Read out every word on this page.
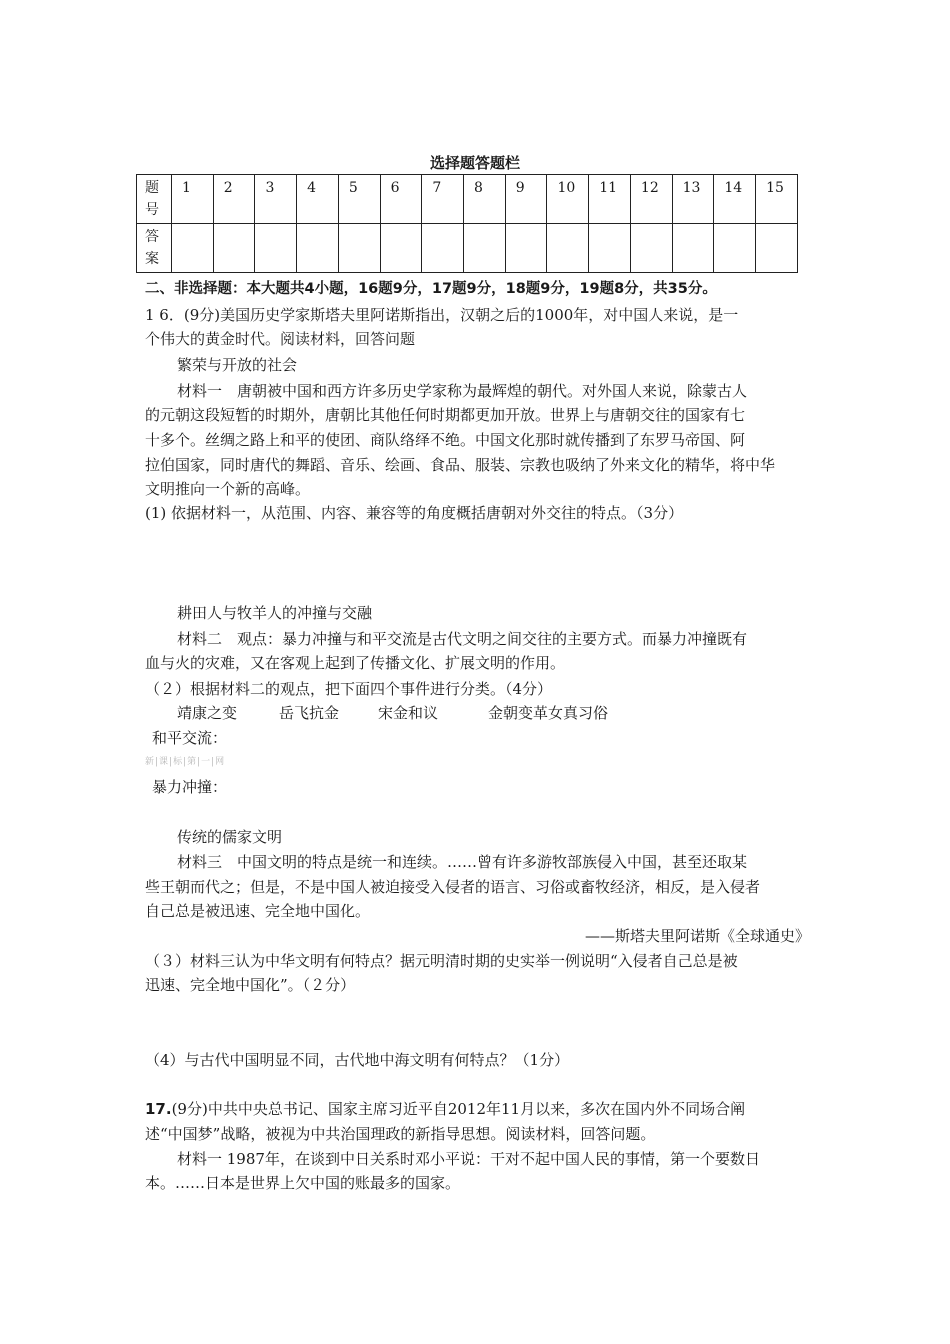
选择题答题栏
题号	1	2	3	4	5	6	7	8	9	10	11	12	13	14	15
答案															
二、非选择题：本大题共4小题，16题9分，17题9分，18题9分，19题8分，共35分。
1 6．(9分)美国历史学家斯塔夫里阿诺斯指出，汉朝之后的1000年，对中国人来说，是一
个伟大的黄金时代。阅读材料，回答问题
繁荣与开放的社会
材料一　唐朝被中国和西方许多历史学家称为最辉煌的朝代。对外国人来说，除蒙古人
的元朝这段短暂的时期外，唐朝比其他任何时期都更加开放。世界上与唐朝交往的国家有七
十多个。丝绸之路上和平的使团、商队络绎不绝。中国文化那时就传播到了东罗马帝国、阿
拉伯国家，同时唐代的舞蹈、音乐、绘画、食品、服装、宗教也吸纳了外来文化的精华，将中华
文明推向一个新的高峰。
(1) 依据材料一，从范围、内容、兼容等的角度概括唐朝对外交往的特点。（3分）
耕田人与牧羊人的冲撞与交融
材料二　观点：暴力冲撞与和平交流是古代文明之间交往的主要方式。而暴力冲撞既有
血与火的灾难，又在客观上起到了传播文化、扩展文明的作用。
（２）根据材料二的观点，把下面四个事件进行分类。（4分）
靖康之变	岳飞抗金	宋金和议	金朝变革女真习俗
和平交流：
新|课|标|第|一|网
暴力冲撞：
传统的儒家文明
材料三　中国文明的特点是统一和连续。……曾有许多游牧部族侵入中国，甚至还取某
些王朝而代之；但是，不是中国人被迫接受入侵者的语言、习俗或畜牧经济，相反，是入侵者
自己总是被迅速、完全地中国化。
——斯塔夫里阿诺斯《全球通史》
（３）材料三认为中华文明有何特点？据元明清时期的史实举一例说明“入侵者自己总是被
迅速、完全地中国化”。（２分）
（4）与古代中国明显不同，古代地中海文明有何特点？（1分）
17.(9分)中共中央总书记、国家主席习近平自2012年11月以来，多次在国内外不同场合阐
述“中国梦”战略，被视为中共治国理政的新指导思想。阅读材料，回答问题。
材料一 1987年，在谈到中日关系时邓小平说：干对不起中国人民的事情，第一个要数日
本。……日本是世界上欠中国的账最多的国家。
